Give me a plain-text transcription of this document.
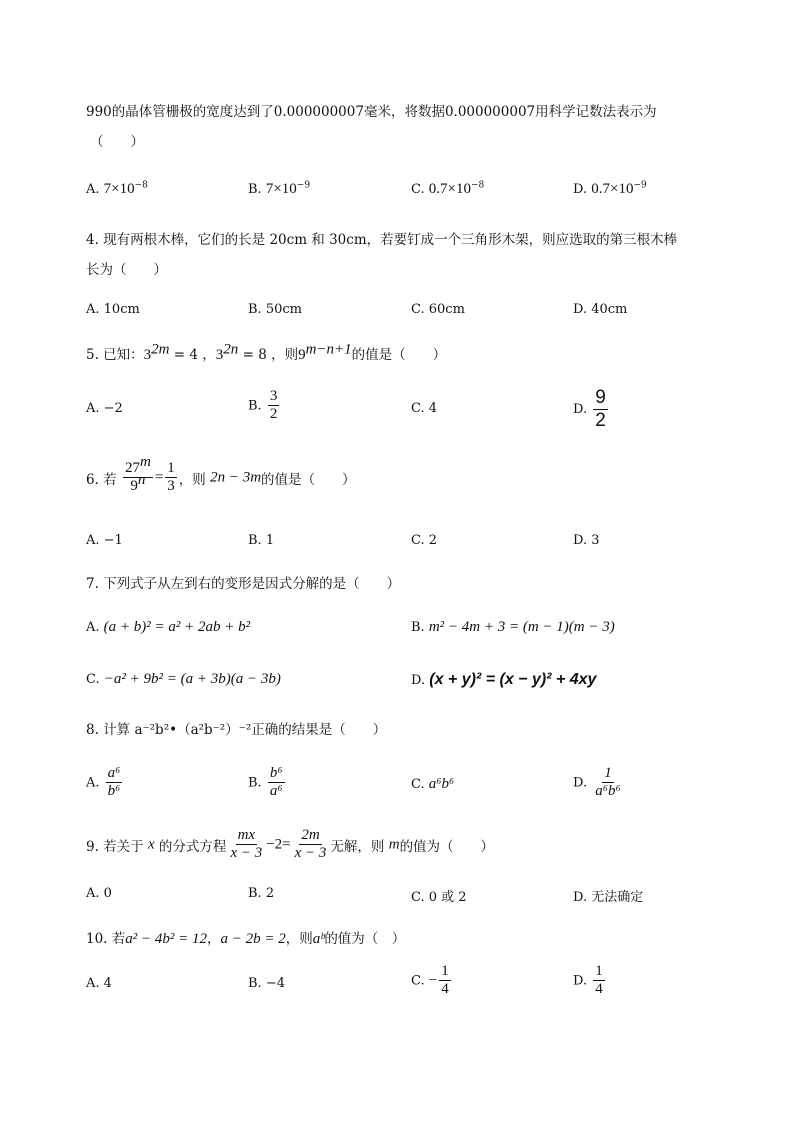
990的晶体管栅极的宽度达到了0.000000007毫米，将数据0.000000007用科学记数法表示为
（　　）
A. $7\times 10^{-8}$	B. $7\times 10^{-9}$	C. $0.7\times 10^{-8}$	D. $0.7\times 10^{-9}$
4. 现有两根木棒，它们的长是 20cm 和 30cm，若要钉成一个三角形木架，则应选取的第三根木棒
长为（　　）
A. 10cm	B. 50cm	C. 60cm	D. 40cm
5. 已知：$3^{2m} = 4$ ，$3^{2n} = 8$ ，则$9^{m-n+1}$的值是（　　）
A. −2	B. $\frac{3}{2}$	C. 4	D. $\frac{9}{2}$
6. 若 $\frac{27^m}{9^n} = \frac{1}{3}$ ，则 2n − 3m的值是（　　）
A. −1	B. 1	C. 2	D. 3
7. 下列式子从左到右的变形是因式分解的是（　　）
A. (a + b)² = a² + 2ab + b²	B. m² − 4m + 3 = (m − 1)(m − 3)
C. −a² + 9b² = (a + 3b)(a − 3b)	D. (x + y)² = (x − y)² + 4xy
8. 计算 a⁻²b²•（a²b⁻²）⁻²正确的结果是（　　）
A. $\frac{\text{a⁶}}{\text{b⁶}}$	B. $\frac{\text{b⁶}}{\text{a⁶}}$	C. a⁶b⁶	D. $\frac{1}{\text{a⁶b⁶}}$
9. 若关于 x 的分式方程 $\frac{mx}{x - 3} -2= \frac{2m}{x - 3}$ 无解，则 m的值为（　　）
A. 0	B. 2	C. 0 或 2	D. 无法确定
10. 若a² − 4b² = 12，a − 2b = 2，则aᵇ的值为（　）
A. 4	B. −4	C. − $\frac{1}{4}$	D. $\frac{1}{4}$
